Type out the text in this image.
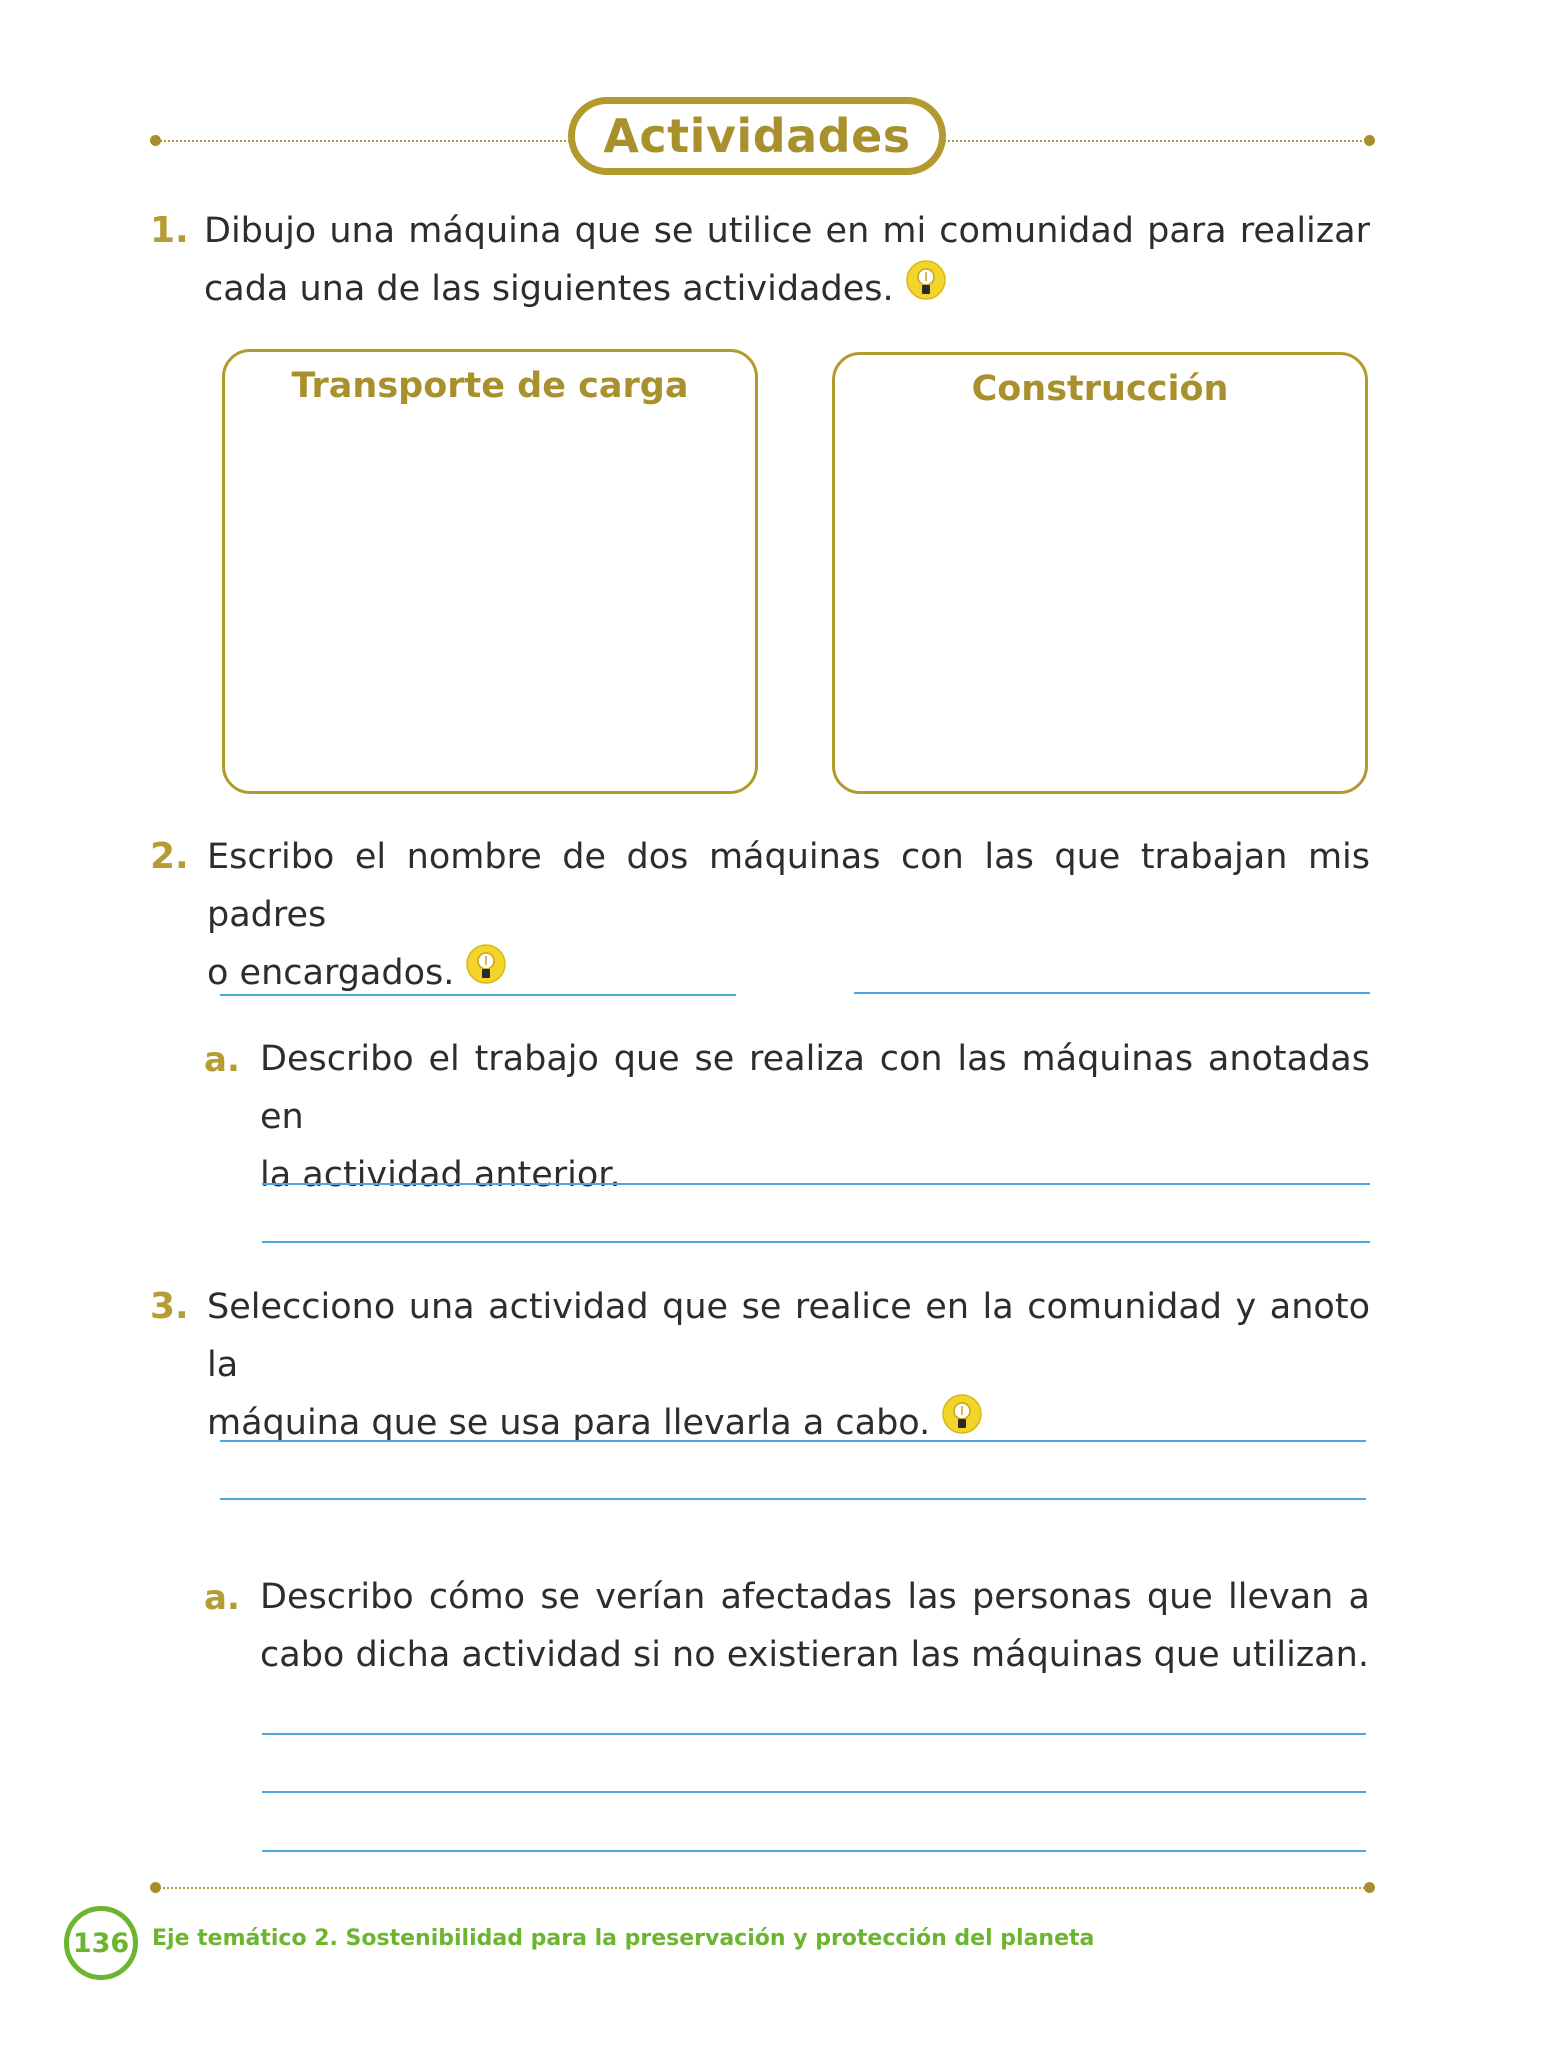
Actividades
1. Dibujo una máquina que se utilice en mi comunidad para realizar
cada una de las siguientes actividades.
Transporte de carga	Construcción
2. Escribo el nombre de dos máquinas con las que trabajan mis padres
o encargados.
a. Describo el trabajo que se realiza con las máquinas anotadas en
la actividad anterior.
3. Selecciono una actividad que se realice en la comunidad y anoto la
máquina que se usa para llevarla a cabo.
a. Describo cómo se verían afectadas las personas que llevan a
cabo dicha actividad si no existieran las máquinas que utilizan.
136 Eje temático 2. Sostenibilidad para la preservación y protección del planeta
